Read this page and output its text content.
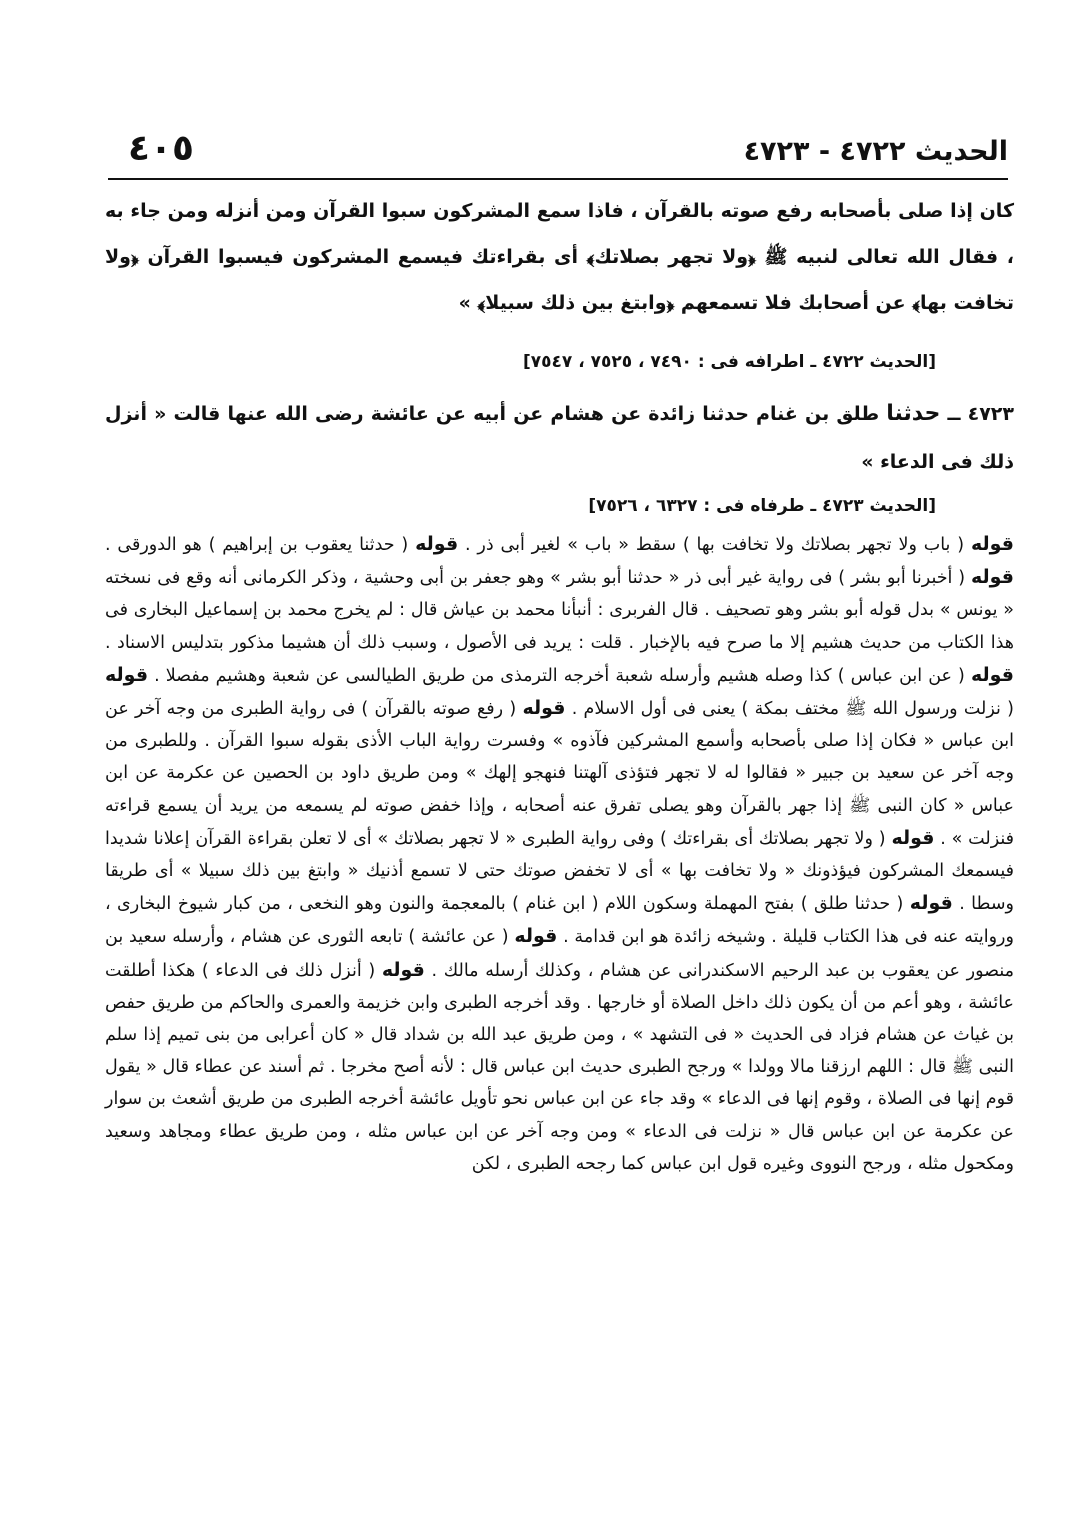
الحديث ٤٧٢٢ - ٤٧٢٣
٤٠٥

كان إذا صلى بأصحابه رفع صوته بالقرآن ، فاذا سمع المشركون سبوا القرآن ومن أنزله ومن جاء به ، فقال الله تعالى لنبيه ﷺ ﴿ولا تجهر بصلاتك﴾ أى بقراءتك فيسمع المشركون فيسبوا القرآن ﴿ولا تخافت بها﴾ عن أصحابك فلا تسمعهم ﴿وابتغ بين ذلك سبيلا﴾ »

[الحديث ٤٧٢٢ ـ اطرافه فى : ٧٤٩٠ ، ٧٥٢٥ ، ٧٥٤٧]

٤٧٢٣ ــ حدثنا طلق بن غنام حدثنا زائدة عن هشام عن أبيه عن عائشة رضى الله عنها قالت « أنزل ذلك فى الدعاء »

[الحديث ٤٧٢٣ ـ طرفاه فى : ٦٣٢٧ ، ٧٥٢٦]

قوله ( باب ولا تجهر بصلاتك ولا تخافت بها ) سقط « باب » لغير أبى ذر . قوله ( حدثنا يعقوب بن إبراهيم ) هو الدورقى . قوله ( أخبرنا أبو بشر ) فى رواية غير أبى ذر « حدثنا أبو بشر » وهو جعفر بن أبى وحشية ، وذكر الكرمانى أنه وقع فى نسخته « يونس » بدل قوله أبو بشر وهو تصحيف . قال الفربرى : أنبأنا محمد بن عياش قال : لم يخرج محمد بن إسماعيل البخارى فى هذا الكتاب من حديث هشيم إلا ما صرح فيه بالإخبار . قلت : يريد فى الأصول ، وسبب ذلك أن هشيما مذكور بتدليس الاسناد . قوله ( عن ابن عباس ) كذا وصله هشيم وأرسله شعبة أخرجه الترمذى من طريق الطيالسى عن شعبة وهشيم مفصلا . قوله ( نزلت ورسول الله ﷺ مختف بمكة ) يعنى فى أول الاسلام . قوله ( رفع صوته بالقرآن ) فى رواية الطبرى من وجه آخر عن ابن عباس « فكان إذا صلى بأصحابه وأسمع المشركين فآذوه » وفسرت رواية الباب الأذى بقوله سبوا القرآن . وللطبرى من وجه آخر عن سعيد بن جبير « فقالوا له لا تجهر فتؤذى آلهتنا فنهجو إلهك » ومن طريق داود بن الحصين عن عكرمة عن ابن عباس « كان النبى ﷺ إذا جهر بالقرآن وهو يصلى تفرق عنه أصحابه ، وإذا خفض صوته لم يسمعه من يريد أن يسمع قراءته فنزلت » . قوله ( ولا تجهر بصلاتك أى بقراءتك ) وفى رواية الطبرى « لا تجهر بصلاتك » أى لا تعلن بقراءة القرآن إعلانا شديدا فيسمعك المشركون فيؤذونك « ولا تخافت بها » أى لا تخفض صوتك حتى لا تسمع أذنيك « وابتغ بين ذلك سبيلا » أى طريقا وسطا . قوله ( حدثنا طلق ) بفتح المهملة وسكون اللام ( ابن غنام ) بالمعجمة والنون وهو النخعى ، من كبار شيوخ البخارى ، وروايته عنه فى هذا الكتاب قليلة . وشيخه زائدة هو ابن قدامة . قوله ( عن عائشة ) تابعه الثورى عن هشام ، وأرسله سعيد بن منصور عن يعقوب بن عبد الرحيم الاسكندرانى عن هشام ، وكذلك أرسله مالك . قوله ( أنزل ذلك فى الدعاء ) هكذا أطلقت عائشة ، وهو أعم من أن يكون ذلك داخل الصلاة أو خارجها . وقد أخرجه الطبرى وابن خزيمة والعمرى والحاكم من طريق حفص بن غياث عن هشام فزاد فى الحديث « فى التشهد » ، ومن طريق عبد الله بن شداد قال « كان أعرابى من بنى تميم إذا سلم النبى ﷺ قال : اللهم ارزقنا مالا وولدا » ورجح الطبرى حديث ابن عباس قال : لأنه أصح مخرجا . ثم أسند عن عطاء قال « يقول قوم إنها فى الصلاة ، وقوم إنها فى الدعاء » وقد جاء عن ابن عباس نحو تأويل عائشة أخرجه الطبرى من طريق أشعث بن سوار عن عكرمة عن ابن عباس قال « نزلت فى الدعاء » ومن وجه آخر عن ابن عباس مثله ، ومن طريق عطاء ومجاهد وسعيد ومكحول مثله ، ورجح النووى وغيره قول ابن عباس كما رجحه الطبرى ، لكن
